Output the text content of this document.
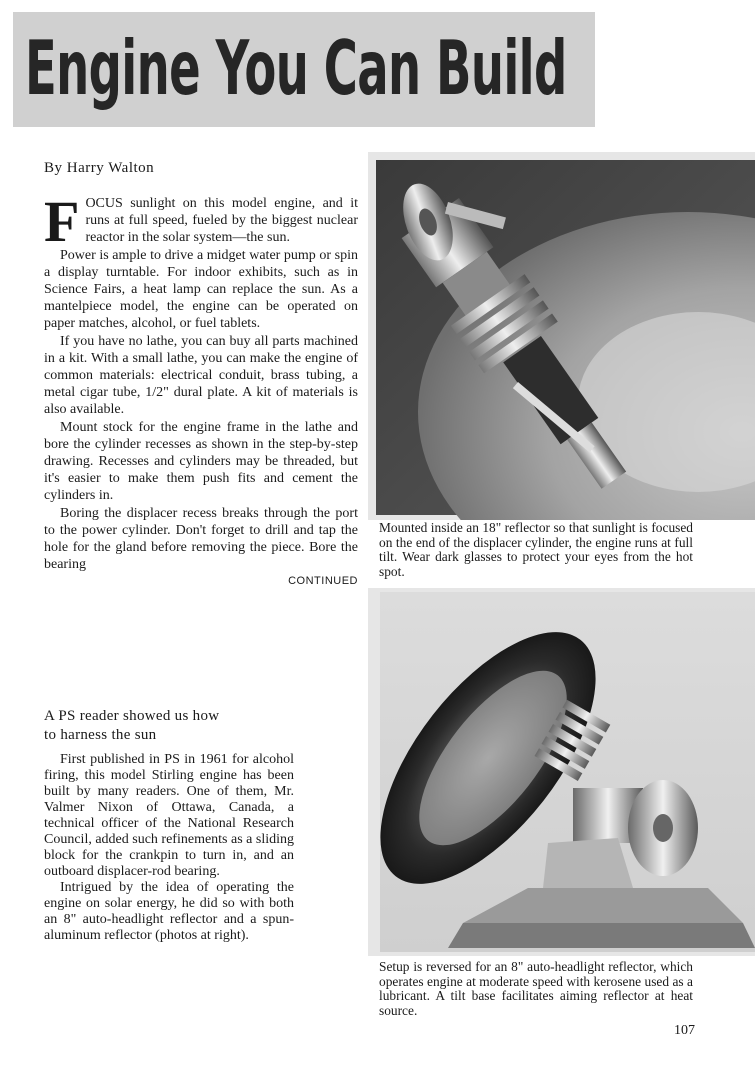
Engine You Can Build
By Harry Walton

FOCUS sunlight on this model engine, and it runs at full speed, fueled by the biggest nuclear reactor in the solar system—the sun.

Power is ample to drive a midget water pump or spin a display turntable. For indoor exhibits, such as in Science Fairs, a heat lamp can replace the sun. As a mantelpiece model, the engine can be operated on paper matches, alcohol, or fuel tablets.

If you have no lathe, you can buy all parts machined in a kit. With a small lathe, you can make the engine of common materials: electrical conduit, brass tubing, a metal cigar tube, 1/2" dural plate. A kit of materials is also available.

Mount stock for the engine frame in the lathe and bore the cylinder recesses as shown in the step-by-step drawing. Recesses and cylinders may be threaded, but it's easier to make them push fits and cement the cylinders in.

Boring the displacer recess breaks through the port to the power cylinder. Don't forget to drill and tap the hole for the gland before removing the piece. Bore the bearing

CONTINUED
A PS reader showed us how
to harness the sun

First published in PS in 1961 for alcohol firing, this model Stirling engine has been built by many readers. One of them, Mr. Valmer Nixon of Ottawa, Canada, a technical officer of the National Research Council, added such refinements as a sliding block for the crankpin to turn in, and an outboard displacer-rod bearing.

Intrigued by the idea of operating the engine on solar energy, he did so with both an 8" auto-headlight reflector and a spun-aluminum reflector (photos at right).

Mounted inside an 18" reflector so that sunlight is focused on the end of the displacer cylinder, the engine runs at full tilt. Wear dark glasses to protect your eyes from the hot spot.
Setup is reversed for an 8" auto-headlight reflector, which operates engine at moderate speed with kerosene used as a lubricant. A tilt base facilitates aiming reflector at heat source.
107
